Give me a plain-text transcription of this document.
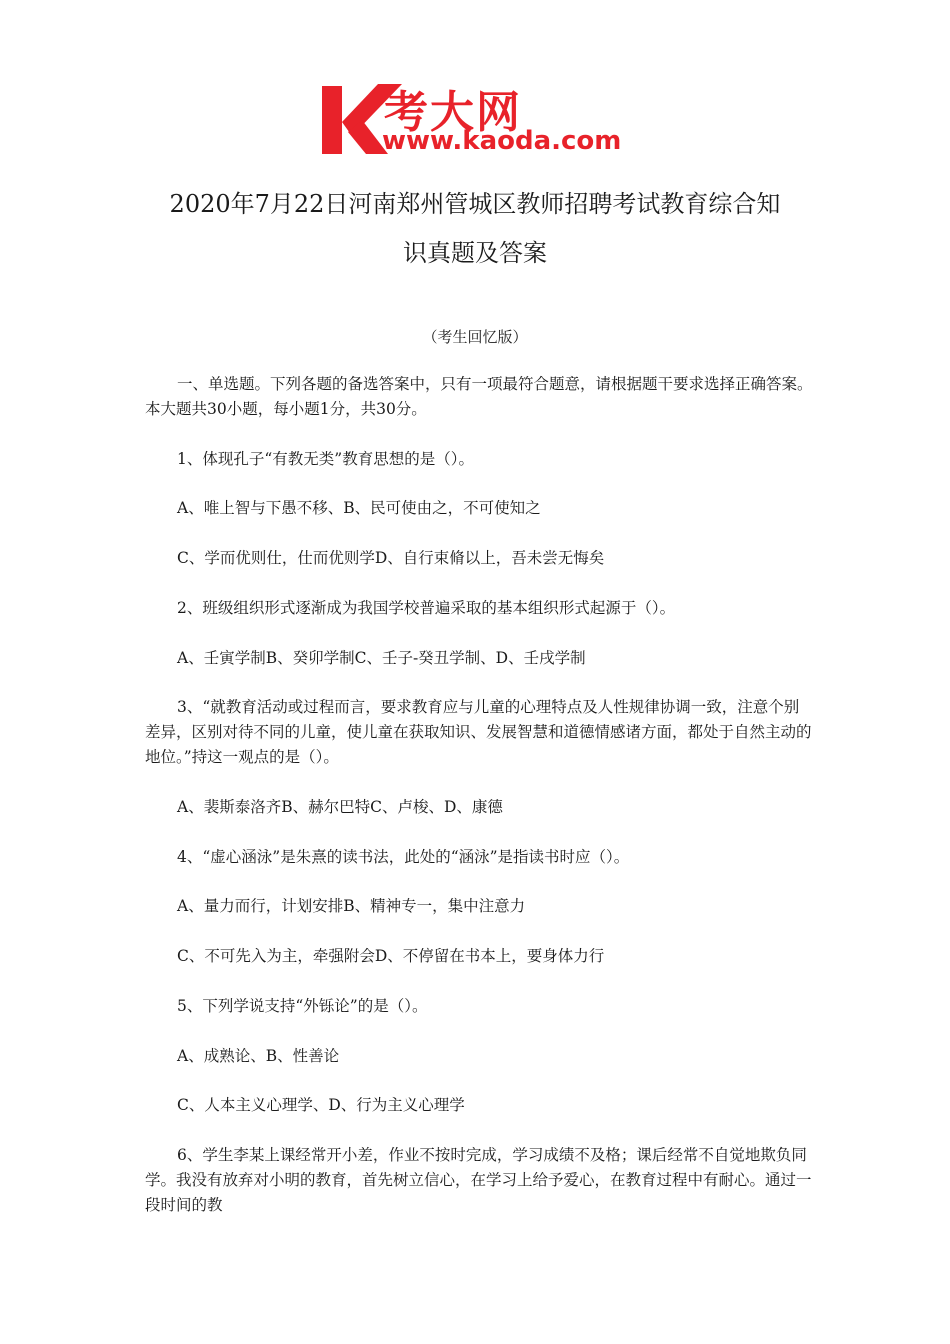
考大网
www.kaoda.com
2020年7月22日河南郑州管城区教师招聘考试教育综合知
识真题及答案
（考生回忆版）
一、单选题。下列各题的备选答案中，只有一项最符合题意，请根据题干要求选择正确答案。本大题共30小题，每小题1分，共30分。
1、体现孔子“有教无类”教育思想的是（）。
A、唯上智与下愚不移、B、民可使由之，不可使知之
C、学而优则仕，仕而优则学D、自行束脩以上，吾未尝无悔矣
2、班级组织形式逐渐成为我国学校普遍采取的基本组织形式起源于（）。
A、壬寅学制B、癸卯学制C、壬子-癸丑学制、D、壬戌学制
3、“就教育活动或过程而言，要求教育应与儿童的心理特点及人性规律协调一致，注意个别差异，区别对待不同的儿童，使儿童在获取知识、发展智慧和道德情感诸方面，都处于自然主动的地位。”持这一观点的是（）。
A、裴斯泰洛齐B、赫尔巴特C、卢梭、D、康德
4、“虚心涵泳”是朱熹的读书法，此处的“涵泳”是指读书时应（）。
A、量力而行，计划安排B、精神专一，集中注意力
C、不可先入为主，牵强附会D、不停留在书本上，要身体力行
5、下列学说支持“外铄论”的是（）。
A、成熟论、B、性善论
C、人本主义心理学、D、行为主义心理学
6、学生李某上课经常开小差，作业不按时完成，学习成绩不及格；课后经常不自觉地欺负同学。我没有放弃对小明的教育，首先树立信心，在学习上给予爱心，在教育过程中有耐心。通过一段时间的教
